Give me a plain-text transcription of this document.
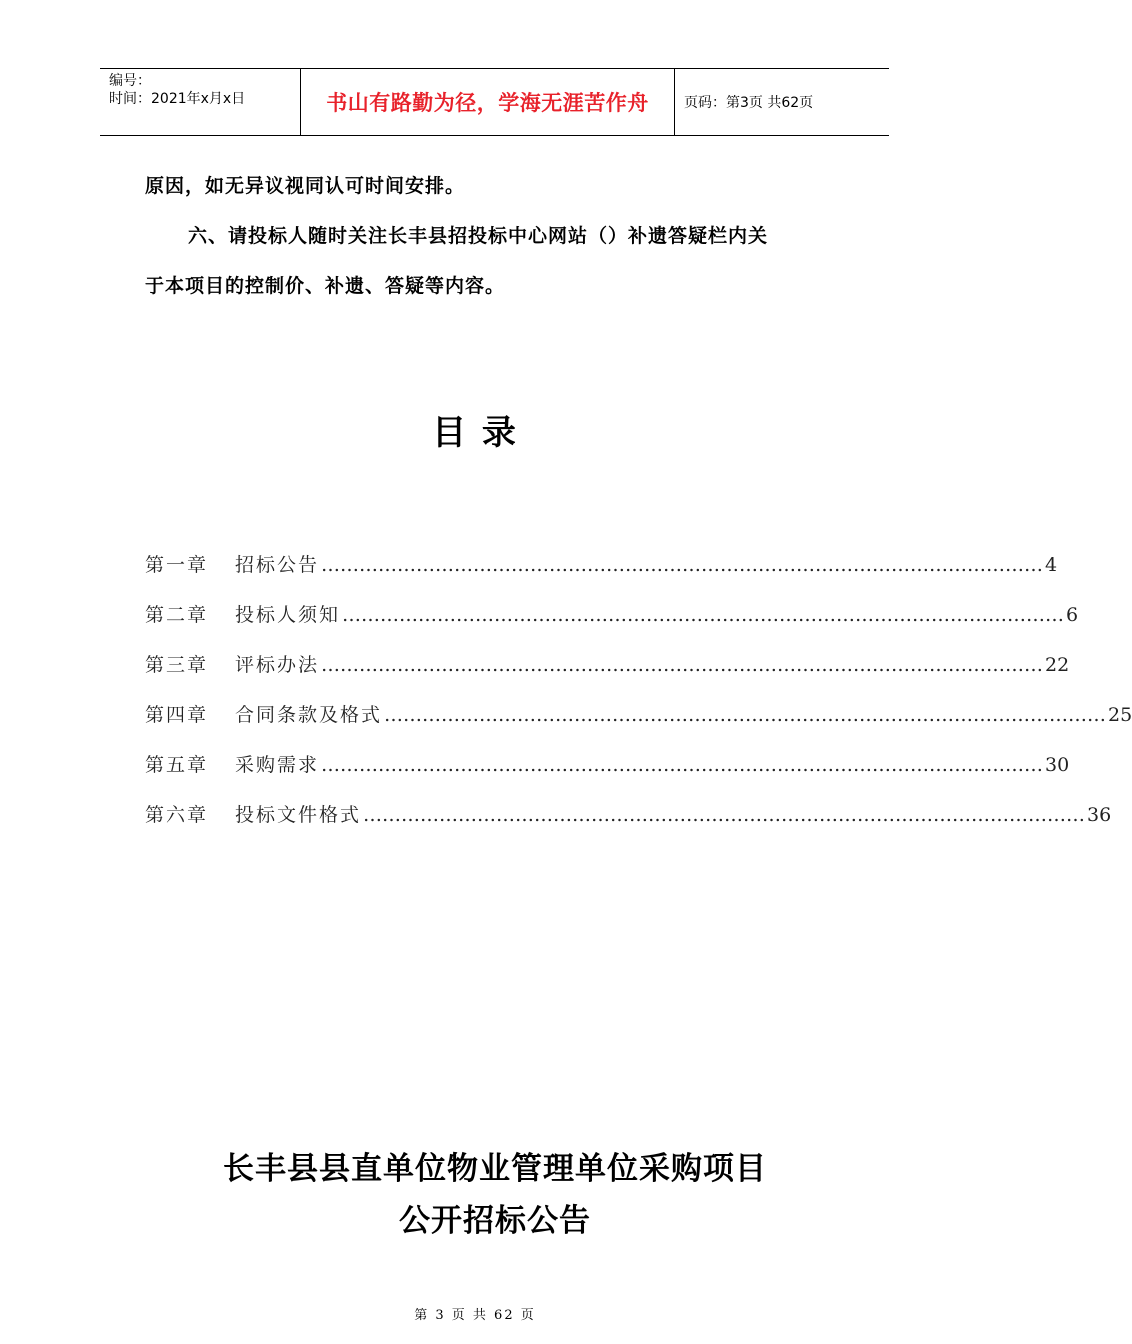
编号：
时间：2021年x月x日	书山有路勤为径，学海无涯苦作舟	页码：第3页 共62页
原因，如无异议视同认可时间安排。
六、请投标人随时关注长丰县招投标中心网站（）补遗答疑栏内关
于本项目的控制价、补遗、答疑等内容。
目 录
第一章	招标公告 …………………………………………………………………………………………………… 4
第二章	投标人须知 …………………………………………………………………………………………………… 6
第三章	评标办法 …………………………………………………………………………………………………… 22
第四章	合同条款及格式 …………………………………………………………………………………………………… 25
第五章	采购需求 …………………………………………………………………………………………………… 30
第六章	投标文件格式 …………………………………………………………………………………………………… 36
长丰县县直单位物业管理单位采购项目
公开招标公告
第 3 页 共 62 页
